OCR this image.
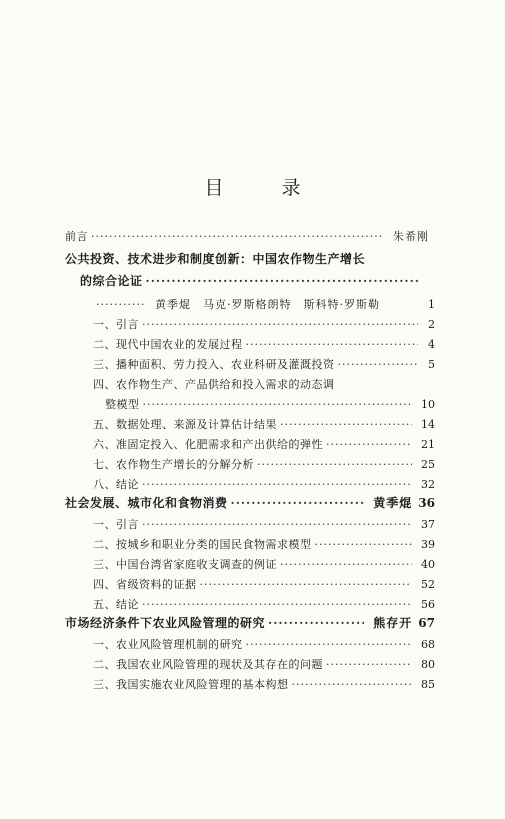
目 录
前言 ·····	朱希刚
公共投资、技术进步和制度创新：中国农作物生产增长
的综合论证
·····
·····
黄季焜　马克·罗斯格朗特　斯科特·罗斯勒	1
一、引言 ·····	2
二、现代中国农业的发展过程 ·····	4
三、播种面积、劳力投入、农业科研及灌溉投资 ·····	5
四、农作物生产、产品供给和投入需求的动态调
整模型 ·····	10
五、数据处理、来源及计算估计结果 ·····	14
六、准固定投入、化肥需求和产出供给的弹性 ·····	21
七、农作物生产增长的分解分析 ·····	25
八、结论 ·····	32
社会发展、城市化和食物消费 ·····	黄季焜 36
一、引言 ·····	37
二、按城乡和职业分类的国民食物需求模型 ·····	39
三、中国台湾省家庭收支调查的例证 ·····	40
四、省级资料的证据 ·····	52
五、结论 ·····	56
市场经济条件下农业风险管理的研究 ·····	熊存开 67
一、农业风险管理机制的研究 ·····	68
二、我国农业风险管理的现状及其存在的问题 ·····	80
三、我国实施农业风险管理的基本构想 ·····	85
